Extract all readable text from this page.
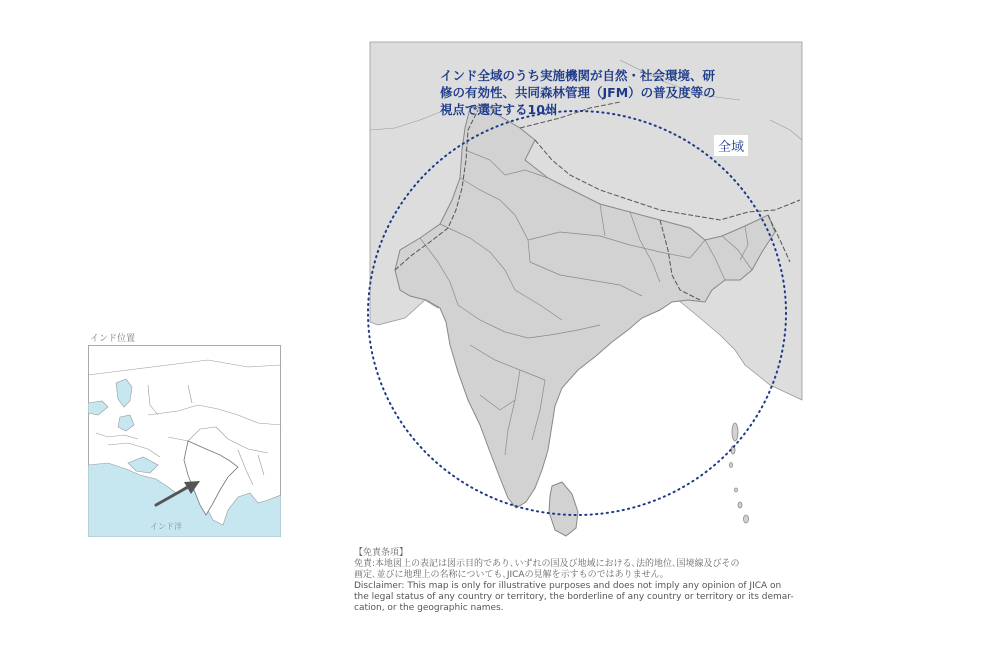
インド全域のうち実施機関が自然・社会環境、研
修の有効性、共同森林管理（JFM）の普及度等の
視点で選定する10州
全域
インド位置
インド洋
【免責条項】
免責:本地図上の表記は図示目的であり､いずれの国及び地域における､法的地位､国境線及びその
画定､並びに地理上の名称についても､JICAの見解を示すものではありません｡
Disclaimer: This map is only for illustrative purposes and does not imply any opinion of JICA on
the legal status of any country or territory, the borderline of any country or territory or its demar-
cation, or the geographic names.
